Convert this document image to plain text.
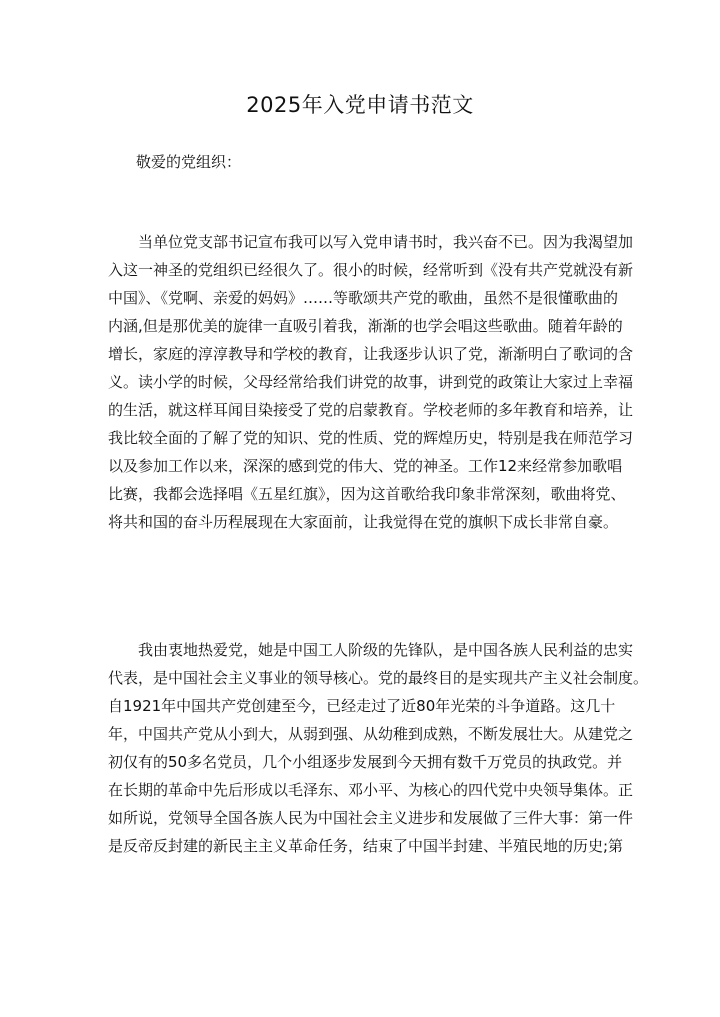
2025年入党申请书范文
敬爱的党组织：
当单位党支部书记宣布我可以写入党申请书时，我兴奋不已。因为我渴望加
入这一神圣的党组织已经很久了。很小的时候，经常听到《没有共产党就没有新
中国》、《党啊、亲爱的妈妈》……等歌颂共产党的歌曲，虽然不是很懂歌曲的
内涵,但是那优美的旋律一直吸引着我，渐渐的也学会唱这些歌曲。随着年龄的
增长，家庭的淳淳教导和学校的教育，让我逐步认识了党，渐渐明白了歌词的含
义。读小学的时候，父母经常给我们讲党的故事，讲到党的政策让大家过上幸福
的生活，就这样耳闻目染接受了党的启蒙教育。学校老师的多年教育和培养，让
我比较全面的了解了党的知识、党的性质、党的辉煌历史，特别是我在师范学习
以及参加工作以来，深深的感到党的伟大、党的神圣。工作12来经常参加歌唱
比赛，我都会选择唱《五星红旗》，因为这首歌给我印象非常深刻，歌曲将党、
将共和国的奋斗历程展现在大家面前，让我觉得在党的旗帜下成长非常自豪。
我由衷地热爱党，她是中国工人阶级的先锋队，是中国各族人民利益的忠实
代表，是中国社会主义事业的领导核心。党的最终目的是实现共产主义社会制度。
自1921年中国共产党创建至今，已经走过了近80年光荣的斗争道路。这几十
年，中国共产党从小到大，从弱到强、从幼稚到成熟，不断发展壮大。从建党之
初仅有的50多名党员，几个小组逐步发展到今天拥有数千万党员的执政党。并
在长期的革命中先后形成以毛泽东、邓小平、为核心的四代党中央领导集体。正
如所说，党领导全国各族人民为中国社会主义进步和发展做了三件大事：第一件
是反帝反封建的新民主主义革命任务，结束了中国半封建、半殖民地的历史;第
